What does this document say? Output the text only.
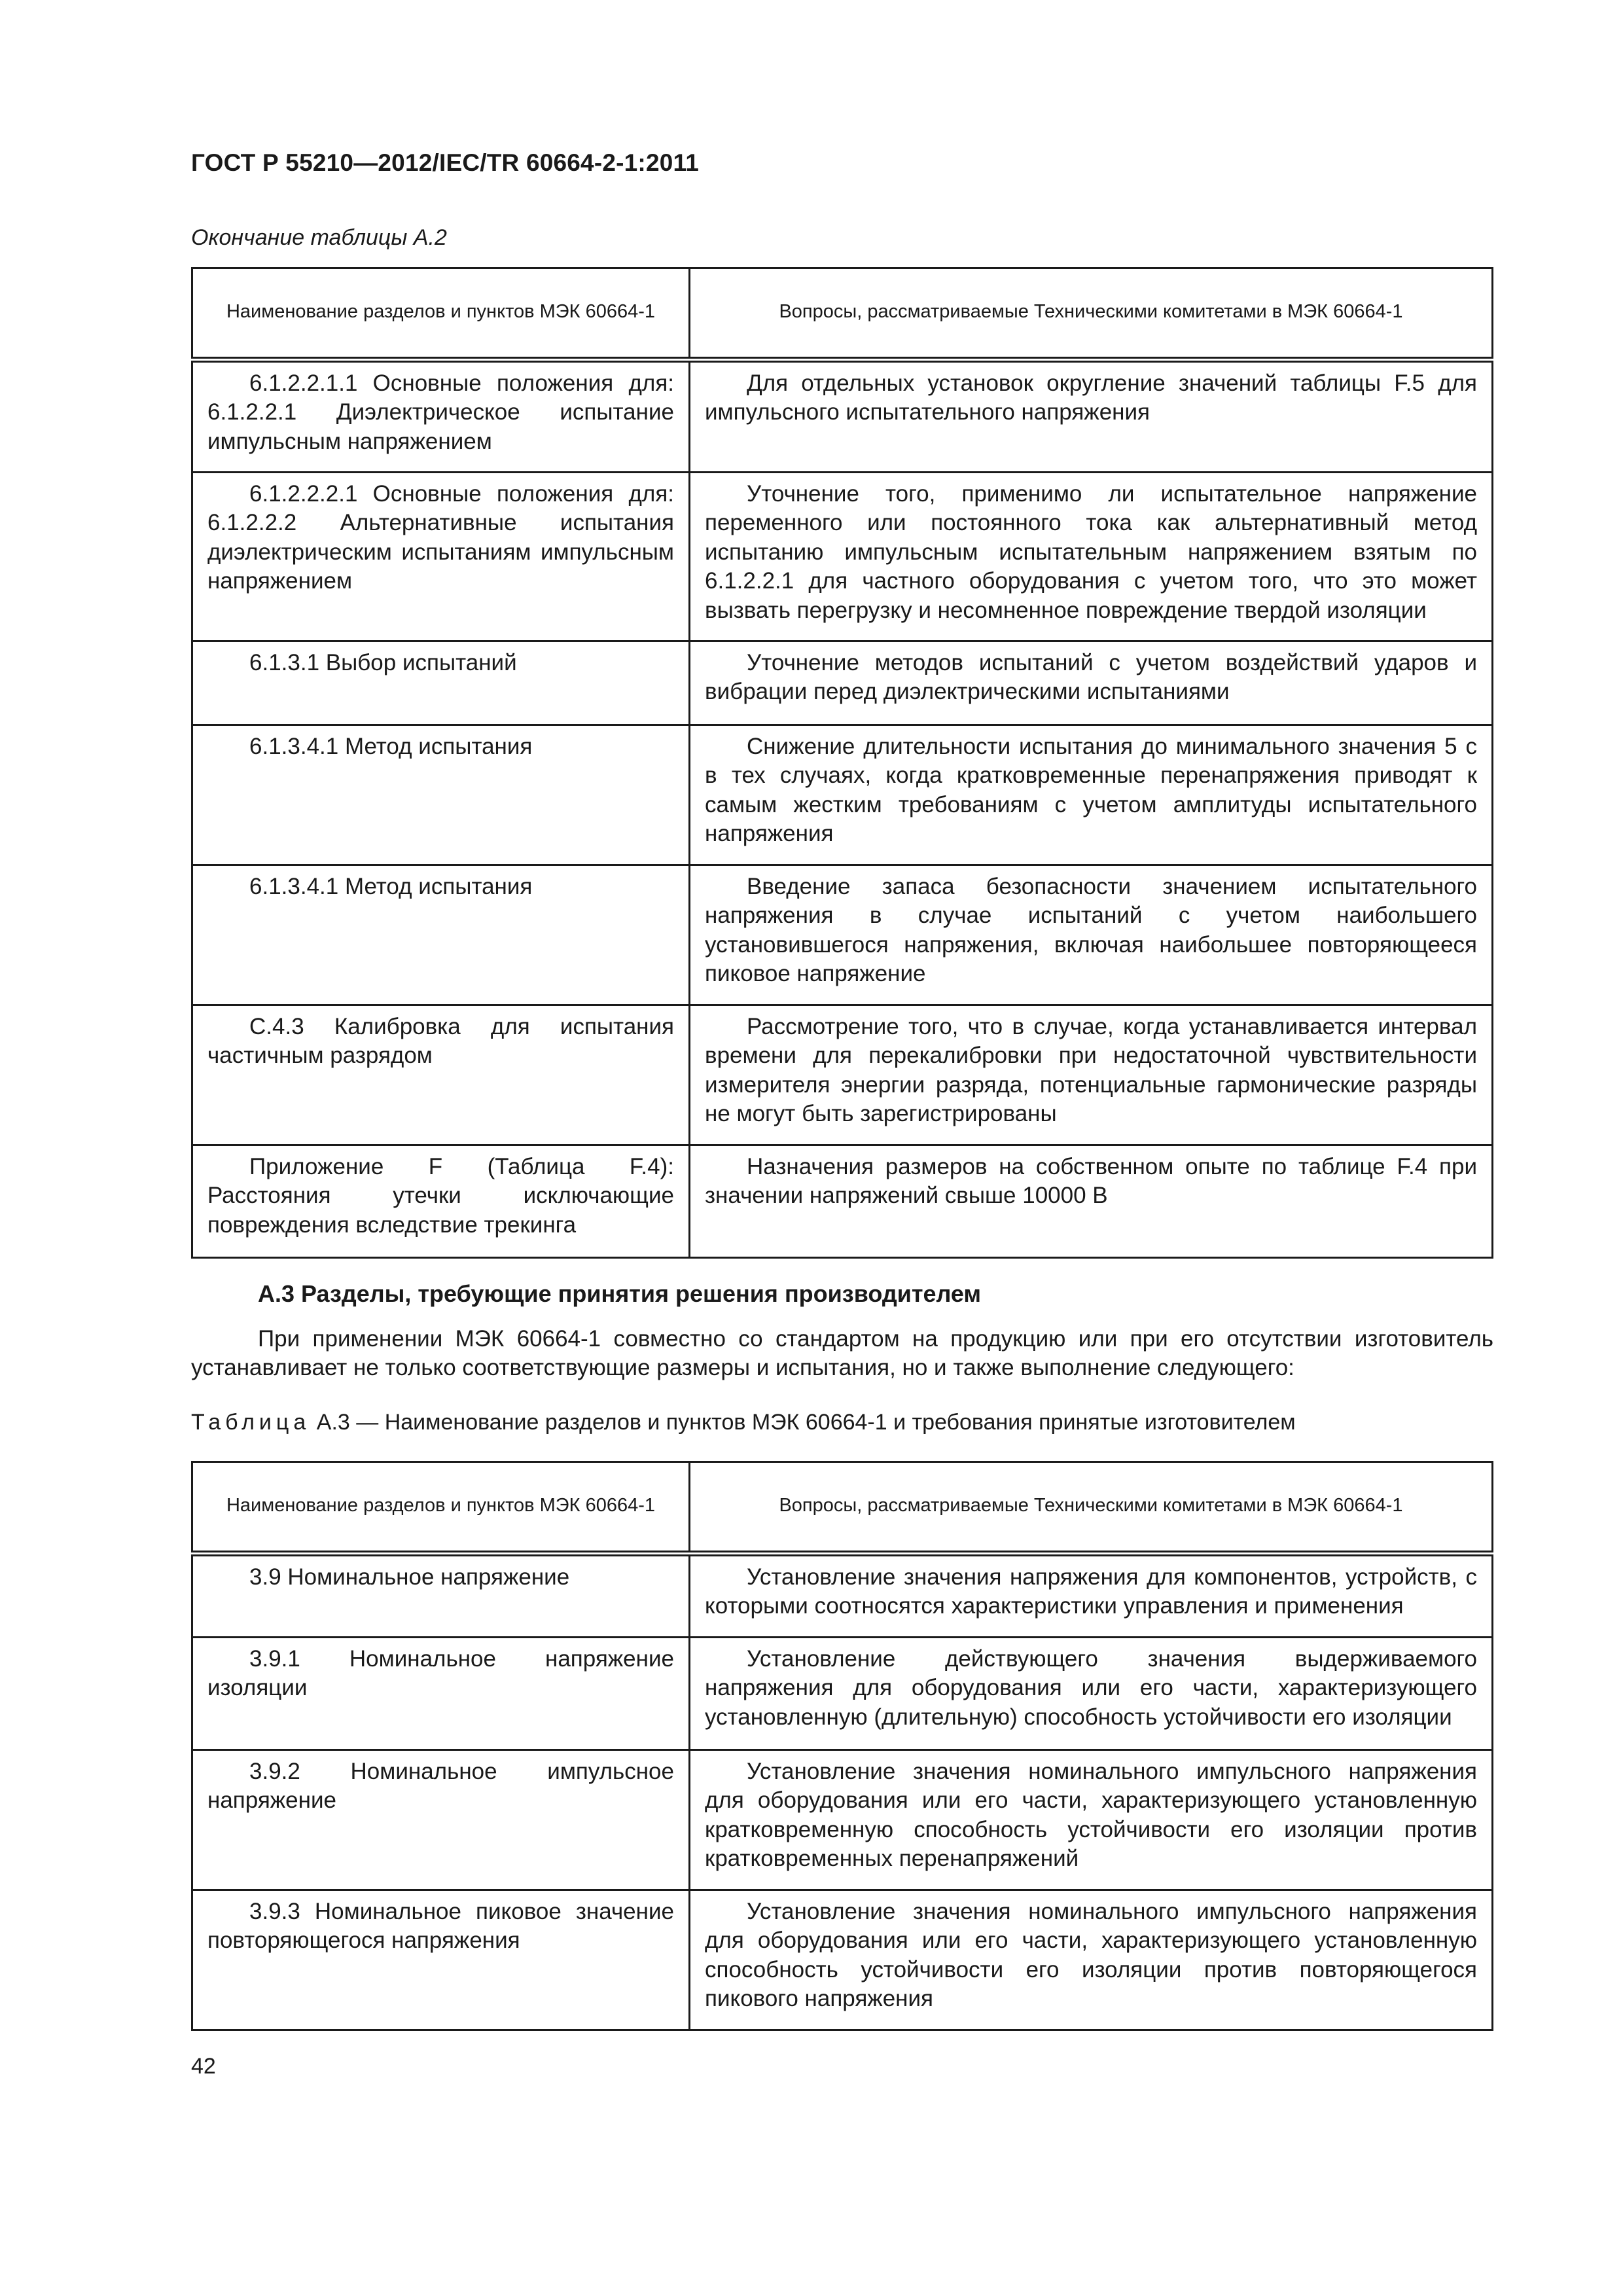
ГОСТ Р 55210—2012/IEC/TR 60664-2-1:2011
Окончание таблицы А.2
Наименование разделов и пунктов МЭК 60664-1	Вопросы, рассматриваемые Техническими комитетами в МЭК 60664-1

6.1.2.2.1.1 Основные положения для: 6.1.2.2.1 Диэлектрическое испытание импульсным напряжением	Для отдельных установок округление значений таблицы F.5 для импульсного испытательного напряжения

6.1.2.2.2.1 Основные положения для: 6.1.2.2.2 Альтернативные испытания диэлектрическим испытаниям импульсным напряжением	Уточнение того, применимо ли испытательное напряжение переменного или постоянного тока как альтернативный метод испытанию импульсным испытательным напряжением взятым по 6.1.2.2.1 для частного оборудования с учетом того, что это может вызвать перегрузку и несомненное повреждение твердой изоляции

6.1.3.1 Выбор испытаний	Уточнение методов испытаний с учетом воздействий ударов и вибрации перед диэлектрическими испытаниями

6.1.3.4.1 Метод испытания	Снижение длительности испытания до минимального значения 5 с в тех случаях, когда кратковременные перенапряжения приводят к самым жестким требованиям с учетом амплитуды испытательного напряжения

6.1.3.4.1 Метод испытания	Введение запаса безопасности значением испытательного напряжения в случае испытаний с учетом наибольшего установившегося напряжения, включая наибольшее повторяющееся пиковое напряжение

С.4.3 Калибровка для испытания частичным разрядом	Рассмотрение того, что в случае, когда устанавливается интервал времени для перекалибровки при недостаточной чувствительности измерителя энергии разряда, потенциальные гармонические разряды не могут быть зарегистрированы

Приложение F (Таблица F.4): Расстояния утечки исключающие повреждения вследствие трекинга	Назначения размеров на собственном опыте по таблице F.4 при значении напряжений свыше 10000 В
А.3 Разделы, требующие принятия решения производителем
При применении МЭК 60664-1 совместно со стандартом на продукцию или при его отсутствии изготовитель устанавливает не только соответствующие размеры и испытания, но и также выполнение следующего:
Таблица А.3 — Наименование разделов и пунктов МЭК 60664-1 и требования принятые изготовителем
Наименование разделов и пунктов МЭК 60664-1	Вопросы, рассматриваемые Техническими комитетами в МЭК 60664-1

3.9 Номинальное напряжение	Установление значения напряжения для компонентов, устройств, с которыми соотносятся характеристики управления и применения

3.9.1 Номинальное напряжение изоляции	Установление действующего значения выдерживаемого напряжения для оборудования или его части, характеризующего установленную (длительную) способность устойчивости его изоляции

3.9.2 Номинальное импульсное напряжение	Установление значения номинального импульсного напряжения для оборудования или его части, характеризующего установленную кратковременную способность устойчивости его изоляции против кратковременных перенапряжений

3.9.3 Номинальное пиковое значение повторяющегося напряжения	Установление значения номинального импульсного напряжения для оборудования или его части, характеризующего установленную способность устойчивости его изоляции против повторяющегося пикового напряжения
42
